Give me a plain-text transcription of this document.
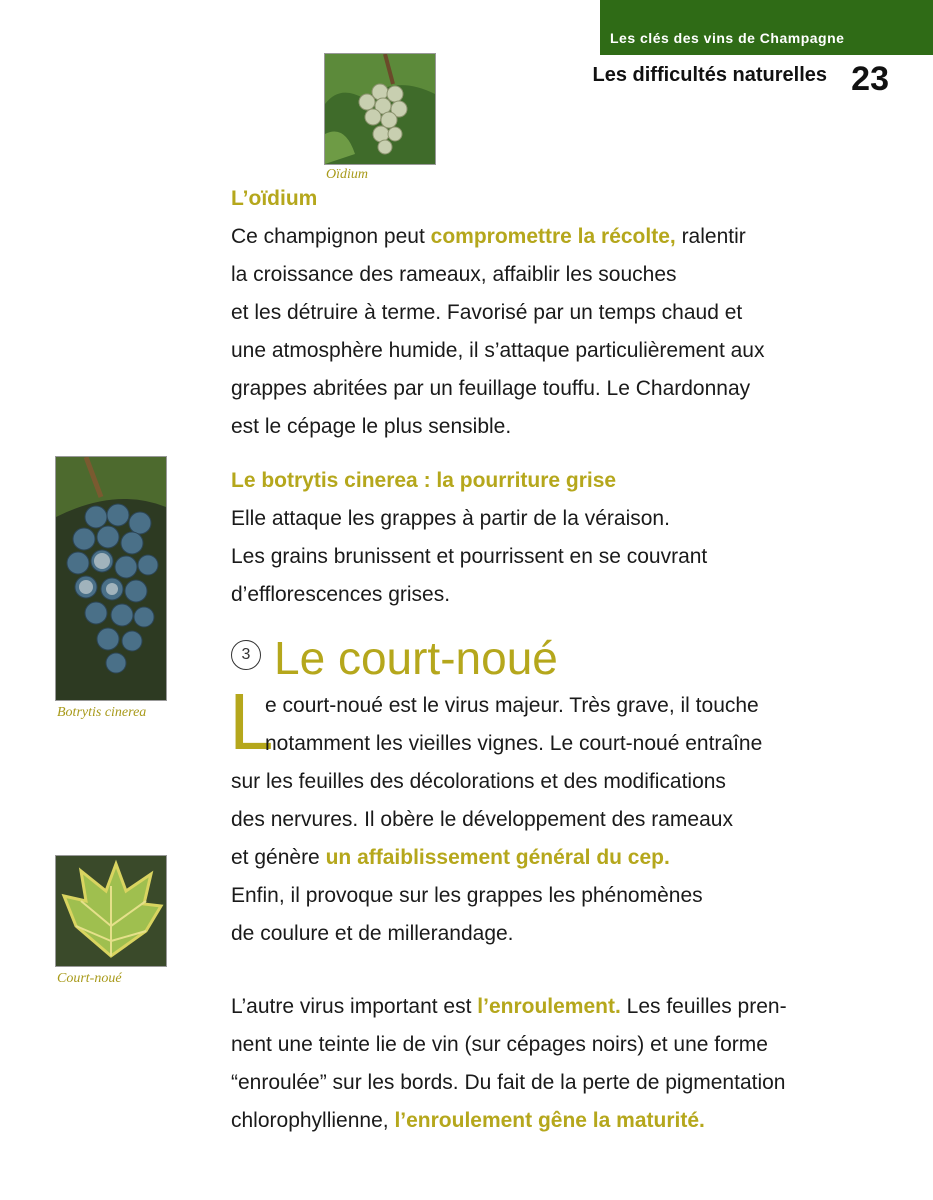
Les clés des vins de Champagne
Les difficultés naturelles 23
Oïdium
Botrytis cinerea
Court-noué
L’oïdium

Ce champignon peut compromettre la récolte, ralentir
la croissance des rameaux, affaiblir les souches
et les détruire à terme. Favorisé par un temps chaud et
une atmosphère humide, il s’attaque particulièrement aux
grappes abritées par un feuillage touffu. Le Chardonnay
est le cépage le plus sensible.

Le botrytis cinerea : la pourriture grise

Elle attaque les grappes à partir de la véraison.
Les grains brunissent et pourrissent en se couvrant
d’efflorescences grises.

3 Le court-noué
L

e court-noué est le virus majeur. Très grave, il touche
notamment les vieilles vignes. Le court-noué entraîne
sur les feuilles des décolorations et des modifications
des nervures. Il obère le développement des rameaux
et génère un affaiblissement général du cep.
Enfin, il provoque sur les grappes les phénomènes
de coulure et de millerandage.

L’autre virus important est l’enroulement. Les feuilles pren-
nent une teinte lie de vin (sur cépages noirs) et une forme
“enroulée” sur les bords. Du fait de la perte de pigmentation
chlorophyllienne, l’enroulement gêne la maturité.
